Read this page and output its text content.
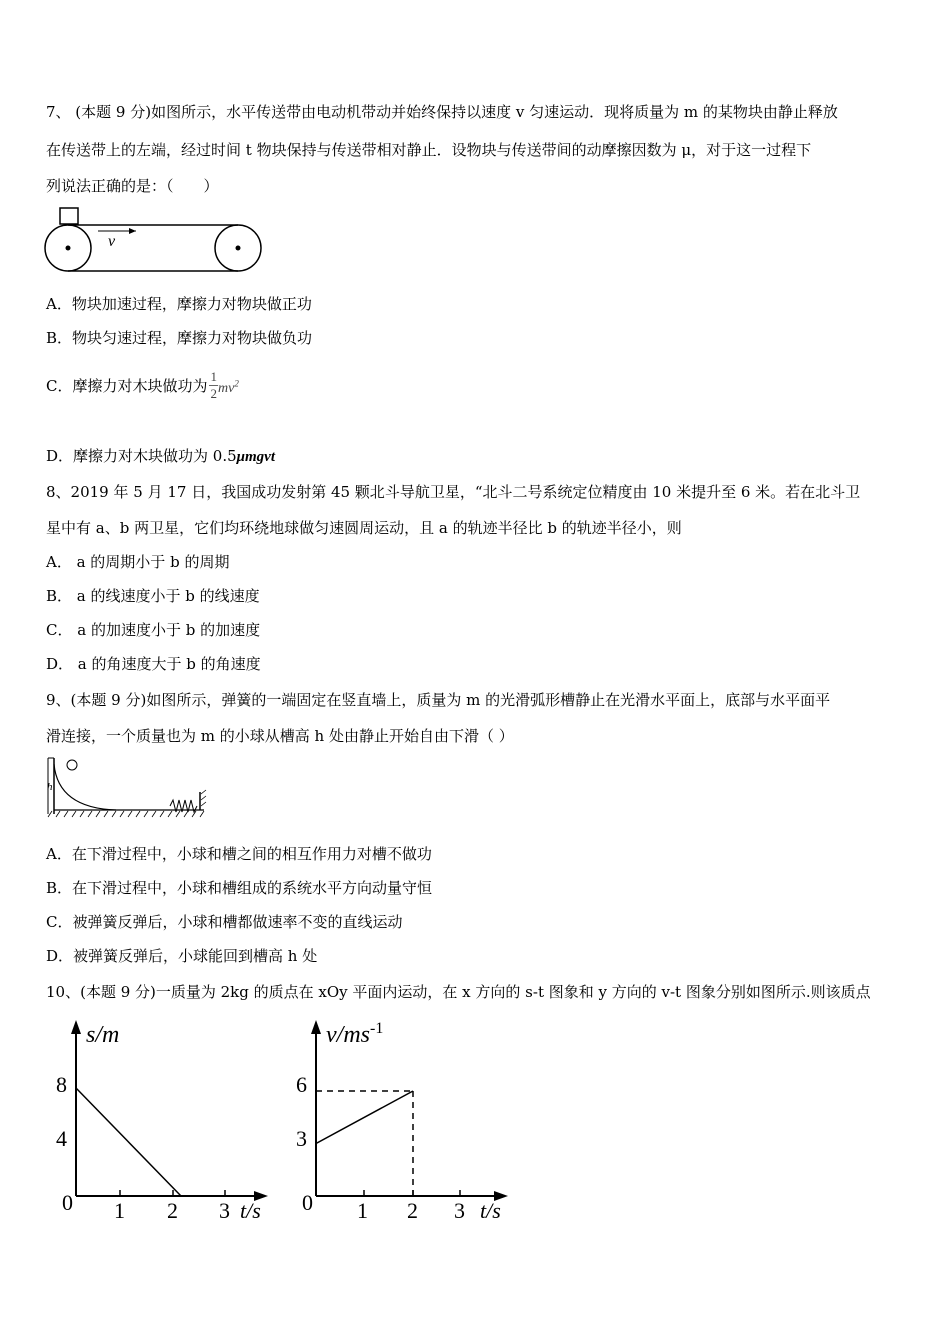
7、 (本题 9 分)如图所示，水平传送带由电动机带动并始终保持以速度 v 匀速运动．现将质量为 m 的某物块由静止释放
在传送带上的左端，经过时间 t 物块保持与传送带相对静止．设物块与传送带间的动摩擦因数为 μ，对于这一过程下
列说法正确的是：（　　）
v
A．物块加速过程，摩擦力对物块做正功
B．物块匀速过程，摩擦力对物块做负功
C．摩擦力对木块做功为 $\frac{1}{2} mv^2$
D．摩擦力对木块做功为 0.5μmgvt
8、2019 年 5 月 17 日，我国成功发射第 45 颗北斗导航卫星，“北斗二号系统定位精度由 10 米提升至 6 米。若在北斗卫
星中有 a、b 两卫星，它们均环绕地球做匀速圆周运动，且 a 的轨迹半径比 b 的轨迹半径小，则
A． a 的周期小于 b 的周期
B． a 的线速度小于 b 的线速度
C． a 的加速度小于 b 的加速度
D． a 的角速度大于 b 的角速度
9、(本题 9 分)如图所示，弹簧的一端固定在竖直墙上，质量为 m 的光滑弧形槽静止在光滑水平面上，底部与水平面平
滑连接，一个质量也为 m 的小球从槽高 h 处由静止开始自由下滑（ ）
h
A．在下滑过程中，小球和槽之间的相互作用力对槽不做功
B．在下滑过程中，小球和槽组成的系统水平方向动量守恒
C．被弹簧反弹后，小球和槽都做速率不变的直线运动
D．被弹簧反弹后，小球能回到槽高 h 处
10、(本题 9 分)一质量为 2kg 的质点在 xOy 平面内运动，在 x 方向的 s-t 图象和 y 方向的 v-t 图象分别如图所示.则该质点
s/m
t/s
0 1 2 3
4
8
$v/ms^{-1}$
t/s
0 1 2 3
3
6
